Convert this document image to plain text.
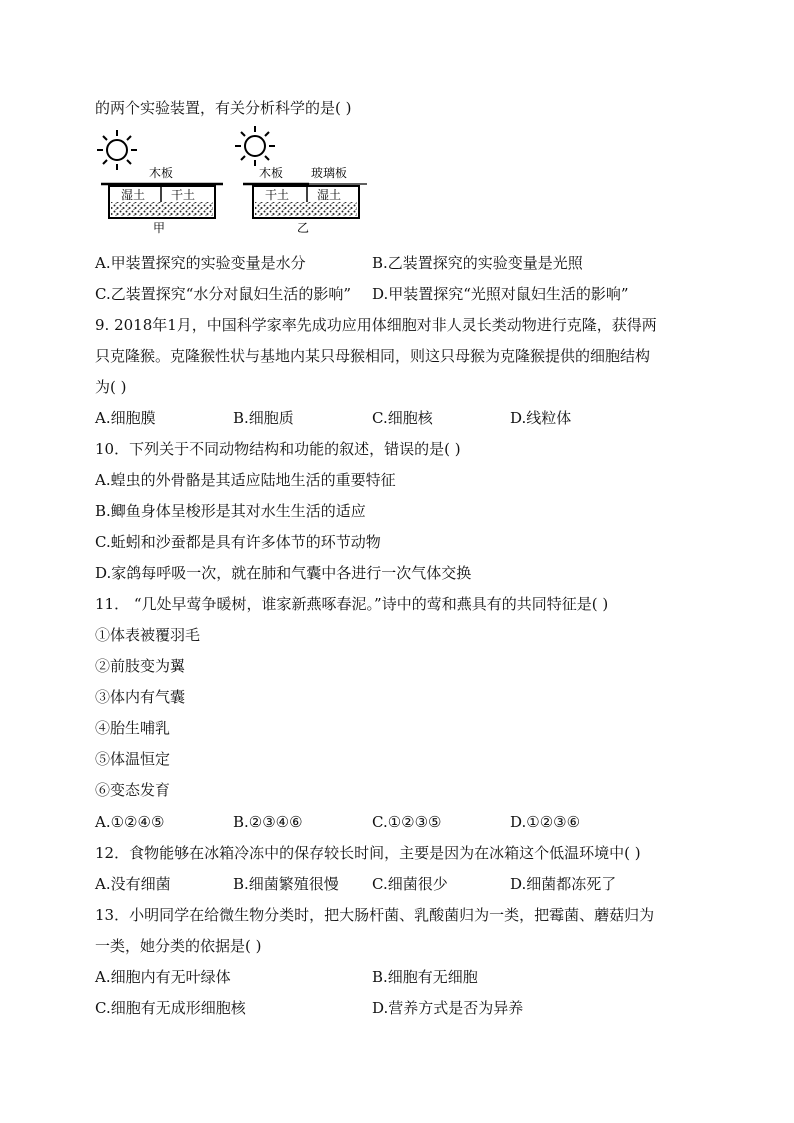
的两个实验装置，有关分析科学的是( )
木板
湿土 干土
甲
木板 玻璃板
干土 湿土
乙
A.甲装置探究的实验变量是水分	B.乙装置探究的实验变量是光照
C.乙装置探究“水分对鼠妇生活的影响” D.甲装置探究“光照对鼠妇生活的影响”
9. 2018年1月，中国科学家率先成功应用体细胞对非人灵长类动物进行克隆，获得两
只克隆猴。克隆猴性状与基地内某只母猴相同，则这只母猴为克隆猴提供的细胞结构
为( )
A.细胞膜	B.细胞质	C.细胞核	D.线粒体
10．下列关于不同动物结构和功能的叙述，错误的是( )
A.蝗虫的外骨骼是其适应陆地生活的重要特征
B.鲫鱼身体呈梭形是其对水生生活的适应
C.蚯蚓和沙蚕都是具有许多体节的环节动物
D.家鸽每呼吸一次，就在肺和气囊中各进行一次气体交换
11． “几处早莺争暖树，谁家新燕啄春泥。”诗中的莺和燕具有的共同特征是( )
①体表被覆羽毛
②前肢变为翼
③体内有气囊
④胎生哺乳
⑤体温恒定
⑥变态发育
A.①②④⑤	B.②③④⑥	C.①②③⑤	D.①②③⑥
12．食物能够在冰箱冷冻中的保存较长时间，主要是因为在冰箱这个低温环境中( )
A.没有细菌	B.细菌繁殖很慢 C.细菌很少	D.细菌都冻死了
13．小明同学在给微生物分类时，把大肠杆菌、乳酸菌归为一类，把霉菌、蘑菇归为
一类，她分类的依据是( )
A.细胞内有无叶绿体	B.细胞有无细胞
C.细胞有无成形细胞核	D.营养方式是否为异养
